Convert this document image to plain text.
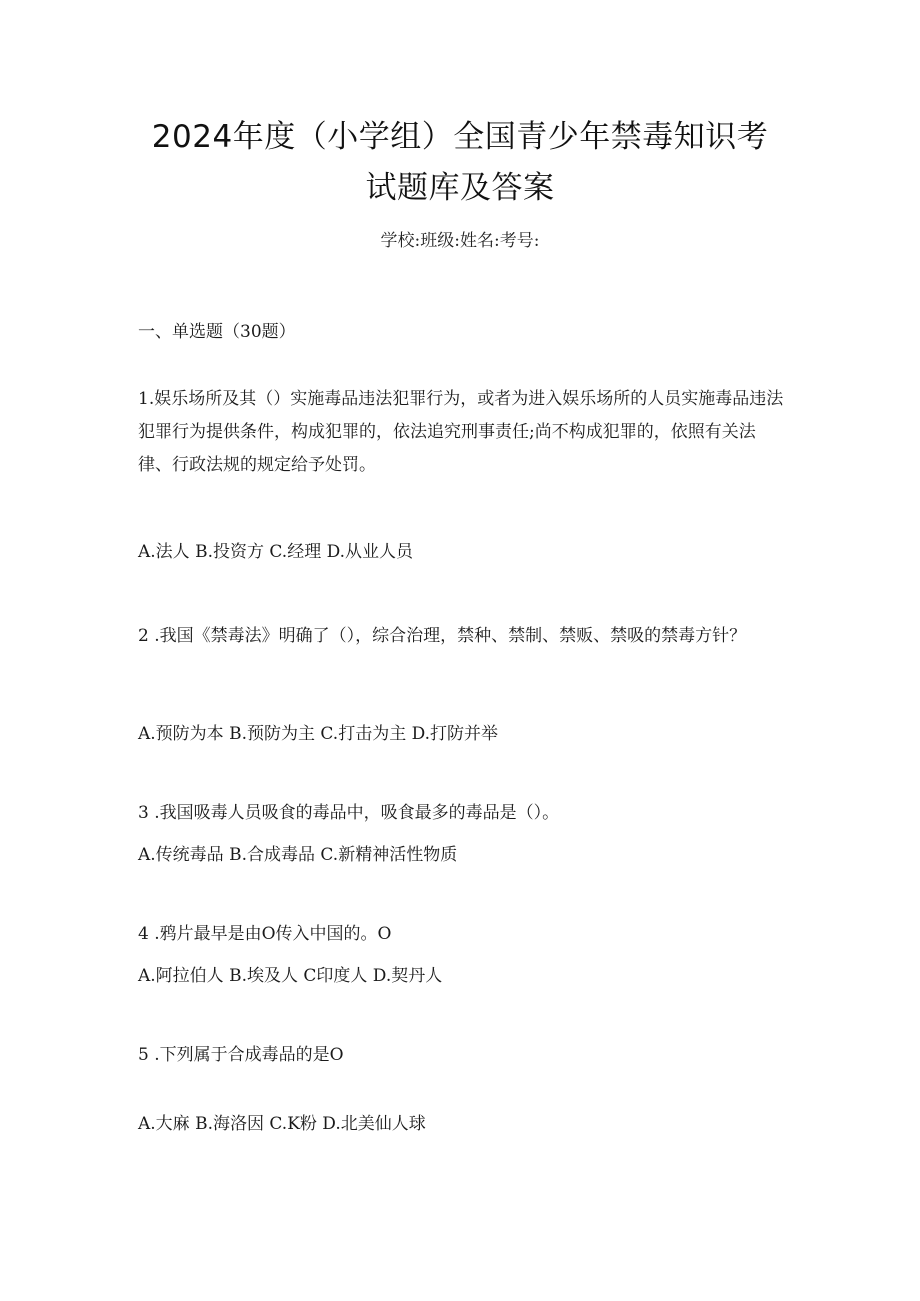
2024年度（小学组）全国青少年禁毒知识考
试题库及答案
学校:班级:姓名:考号:
一、单选题（30题）
1.娱乐场所及其（）实施毒品违法犯罪行为，或者为进入娱乐场所的人员实施毒品违法犯罪行为提供条件，构成犯罪的，依法追究刑事责任;尚不构成犯罪的，依照有关法律、行政法规的规定给予处罚。
A.法人 B.投资方 C.经理 D.从业人员
2 .我国《禁毒法》明确了（），综合治理，禁种、禁制、禁贩、禁吸的禁毒方针？
A.预防为本 B.预防为主 C.打击为主 D.打防并举
3 .我国吸毒人员吸食的毒品中，吸食最多的毒品是（）。
A.传统毒品 B.合成毒品 C.新精神活性物质
4 .鸦片最早是由O传入中国的。O
A.阿拉伯人 B.埃及人 C印度人 D.契丹人
5 .下列属于合成毒品的是O
A.大麻 B.海洛因 C.K粉 D.北美仙人球
